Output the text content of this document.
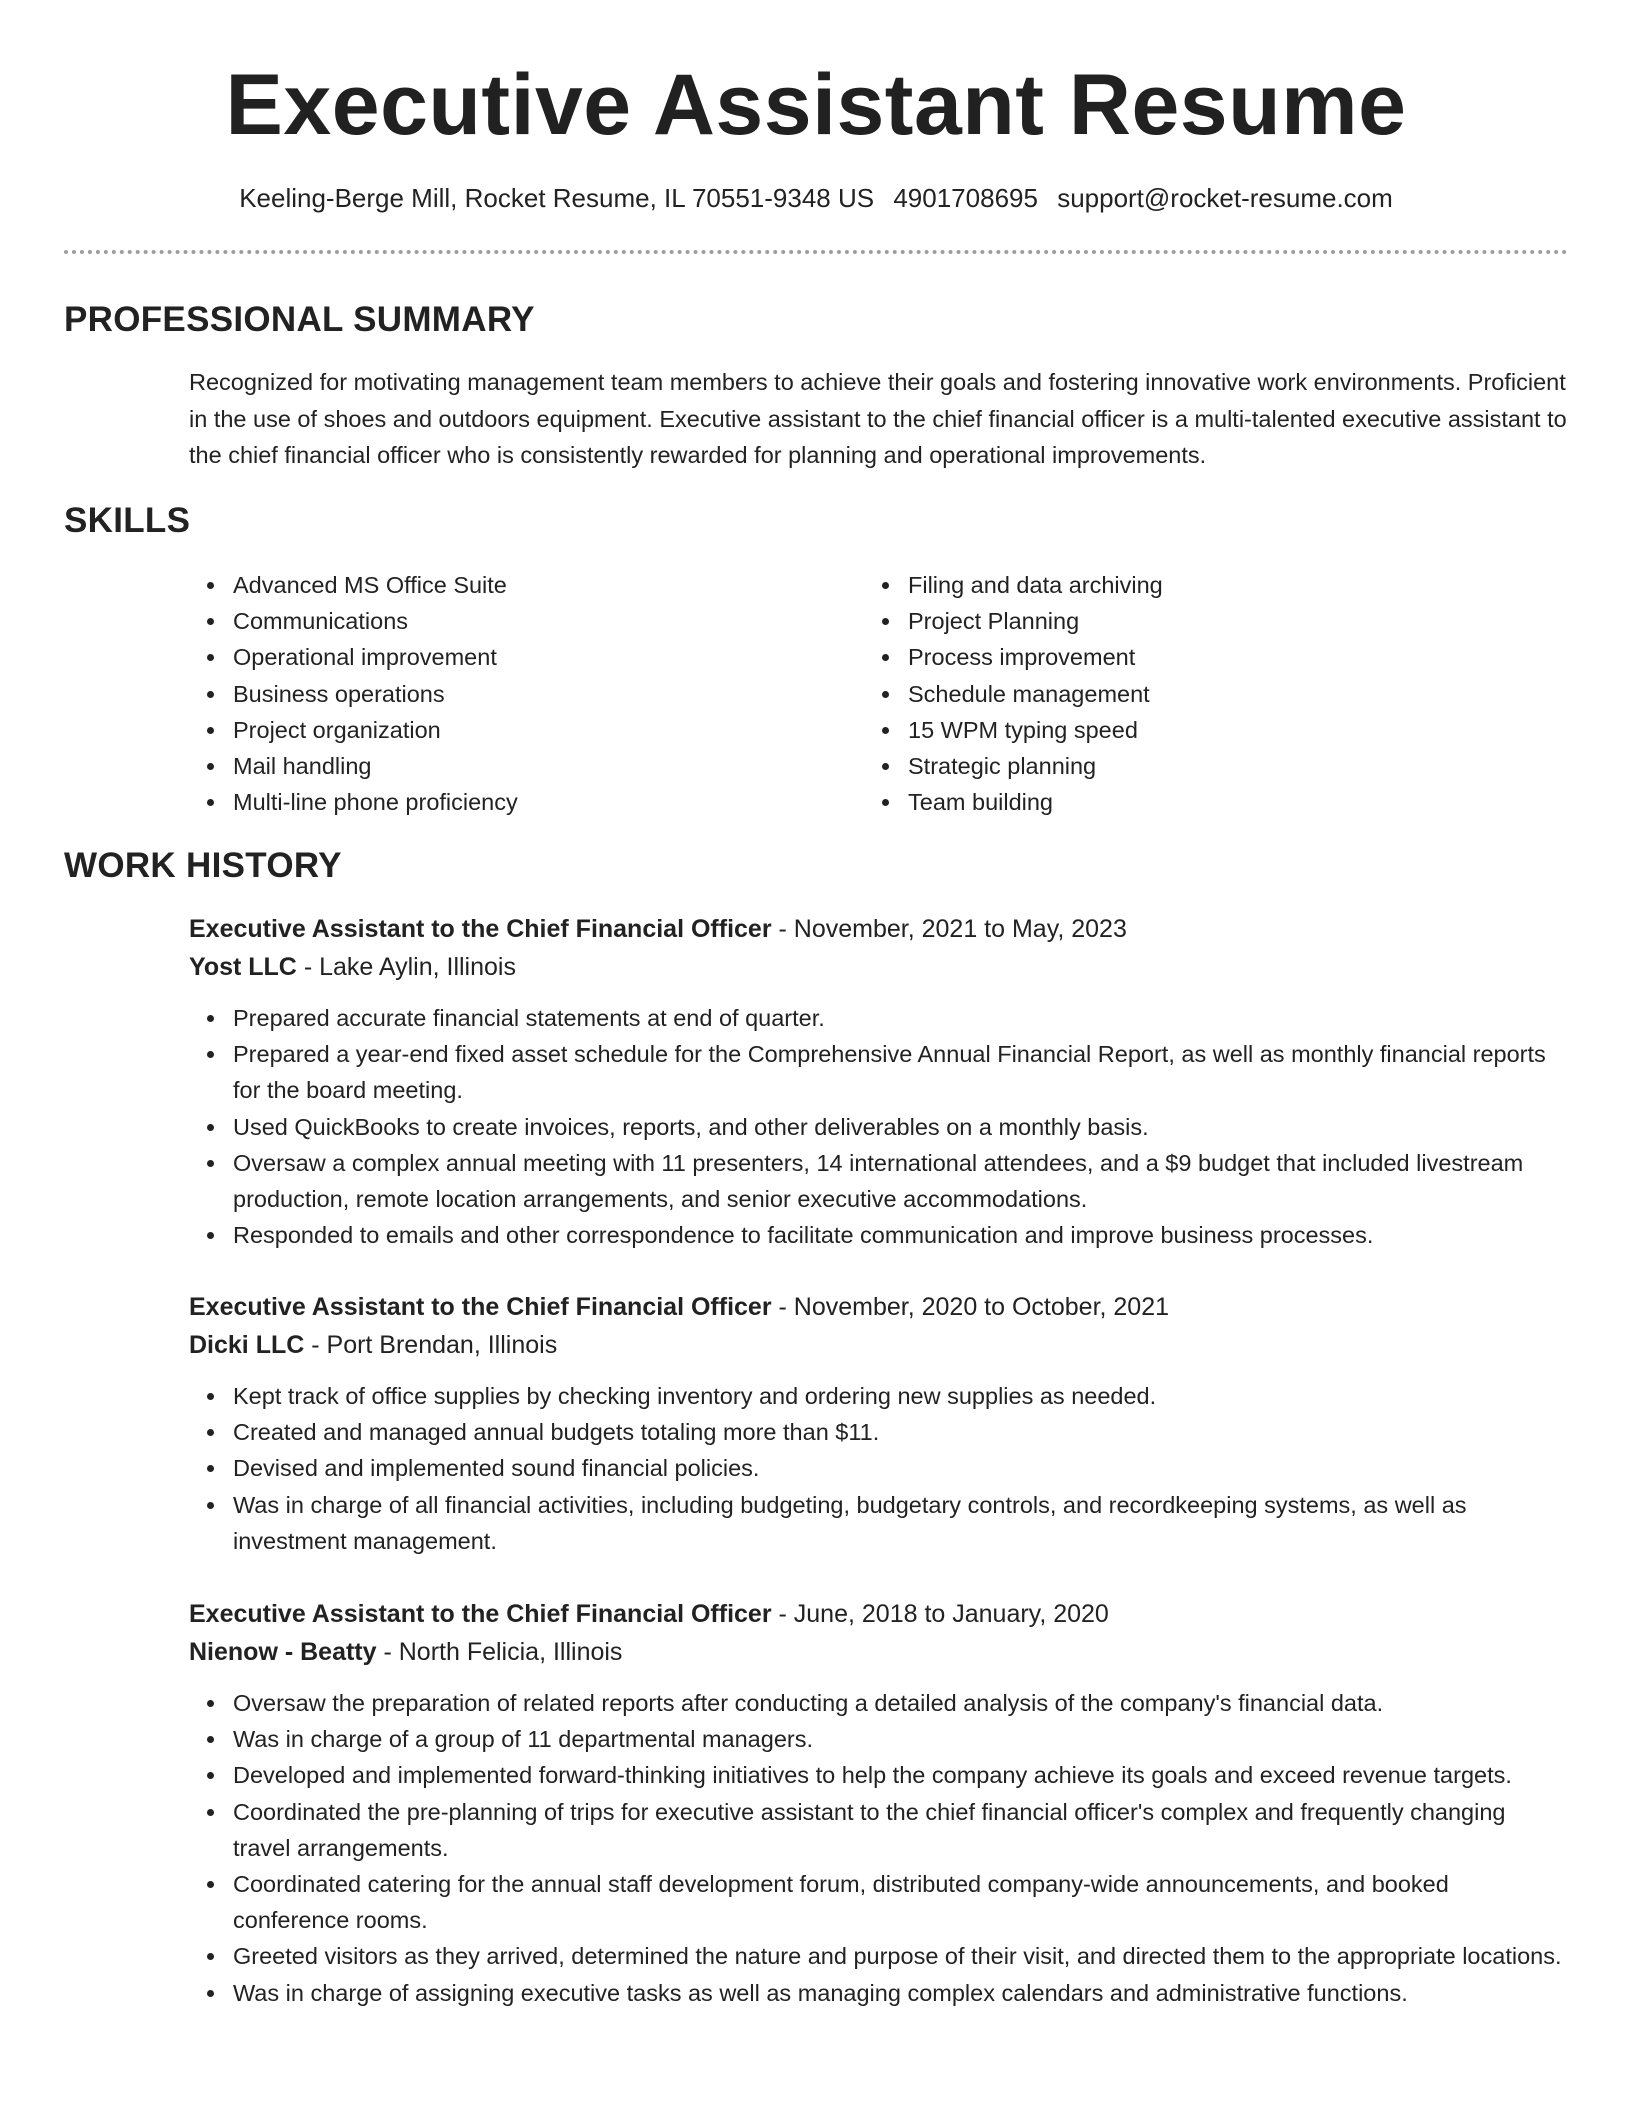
Executive Assistant Resume
Keeling-Berge Mill, Rocket Resume, IL 70551-9348 US 4901708695 support@rocket-resume.com
PROFESSIONAL SUMMARY

Recognized for motivating management team members to achieve their goals and fostering innovative work environments. Proficient in the use of shoes and outdoors equipment. Executive assistant to the chief financial officer is a multi-talented executive assistant to the chief financial officer who is consistently rewarded for planning and operational improvements.

SKILLS
Advanced MS Office Suite
Communications
Operational improvement
Business operations
Project organization
Mail handling
Multi-line phone proficiency
Filing and data archiving
Project Planning
Process improvement
Schedule management
15 WPM typing speed
Strategic planning
Team building
WORK HISTORY
Executive Assistant to the Chief Financial Officer - November, 2021 to May, 2023
Yost LLC - Lake Aylin, Illinois
Prepared accurate financial statements at end of quarter.
Prepared a year-end fixed asset schedule for the Comprehensive Annual Financial Report, as well as monthly financial reports for the board meeting.
Used QuickBooks to create invoices, reports, and other deliverables on a monthly basis.
Oversaw a complex annual meeting with 11 presenters, 14 international attendees, and a $9 budget that included livestream production, remote location arrangements, and senior executive accommodations.
Responded to emails and other correspondence to facilitate communication and improve business processes.
Executive Assistant to the Chief Financial Officer - November, 2020 to October, 2021
Dicki LLC - Port Brendan, Illinois
Kept track of office supplies by checking inventory and ordering new supplies as needed.
Created and managed annual budgets totaling more than $11.
Devised and implemented sound financial policies.
Was in charge of all financial activities, including budgeting, budgetary controls, and recordkeeping systems, as well as investment management.
Executive Assistant to the Chief Financial Officer - June, 2018 to January, 2020
Nienow - Beatty - North Felicia, Illinois
Oversaw the preparation of related reports after conducting a detailed analysis of the company's financial data.
Was in charge of a group of 11 departmental managers.
Developed and implemented forward-thinking initiatives to help the company achieve its goals and exceed revenue targets.
Coordinated the pre-planning of trips for executive assistant to the chief financial officer's complex and frequently changing travel arrangements.
Coordinated catering for the annual staff development forum, distributed company-wide announcements, and booked conference rooms.
Greeted visitors as they arrived, determined the nature and purpose of their visit, and directed them to the appropriate locations.
Was in charge of assigning executive tasks as well as managing complex calendars and administrative functions.
